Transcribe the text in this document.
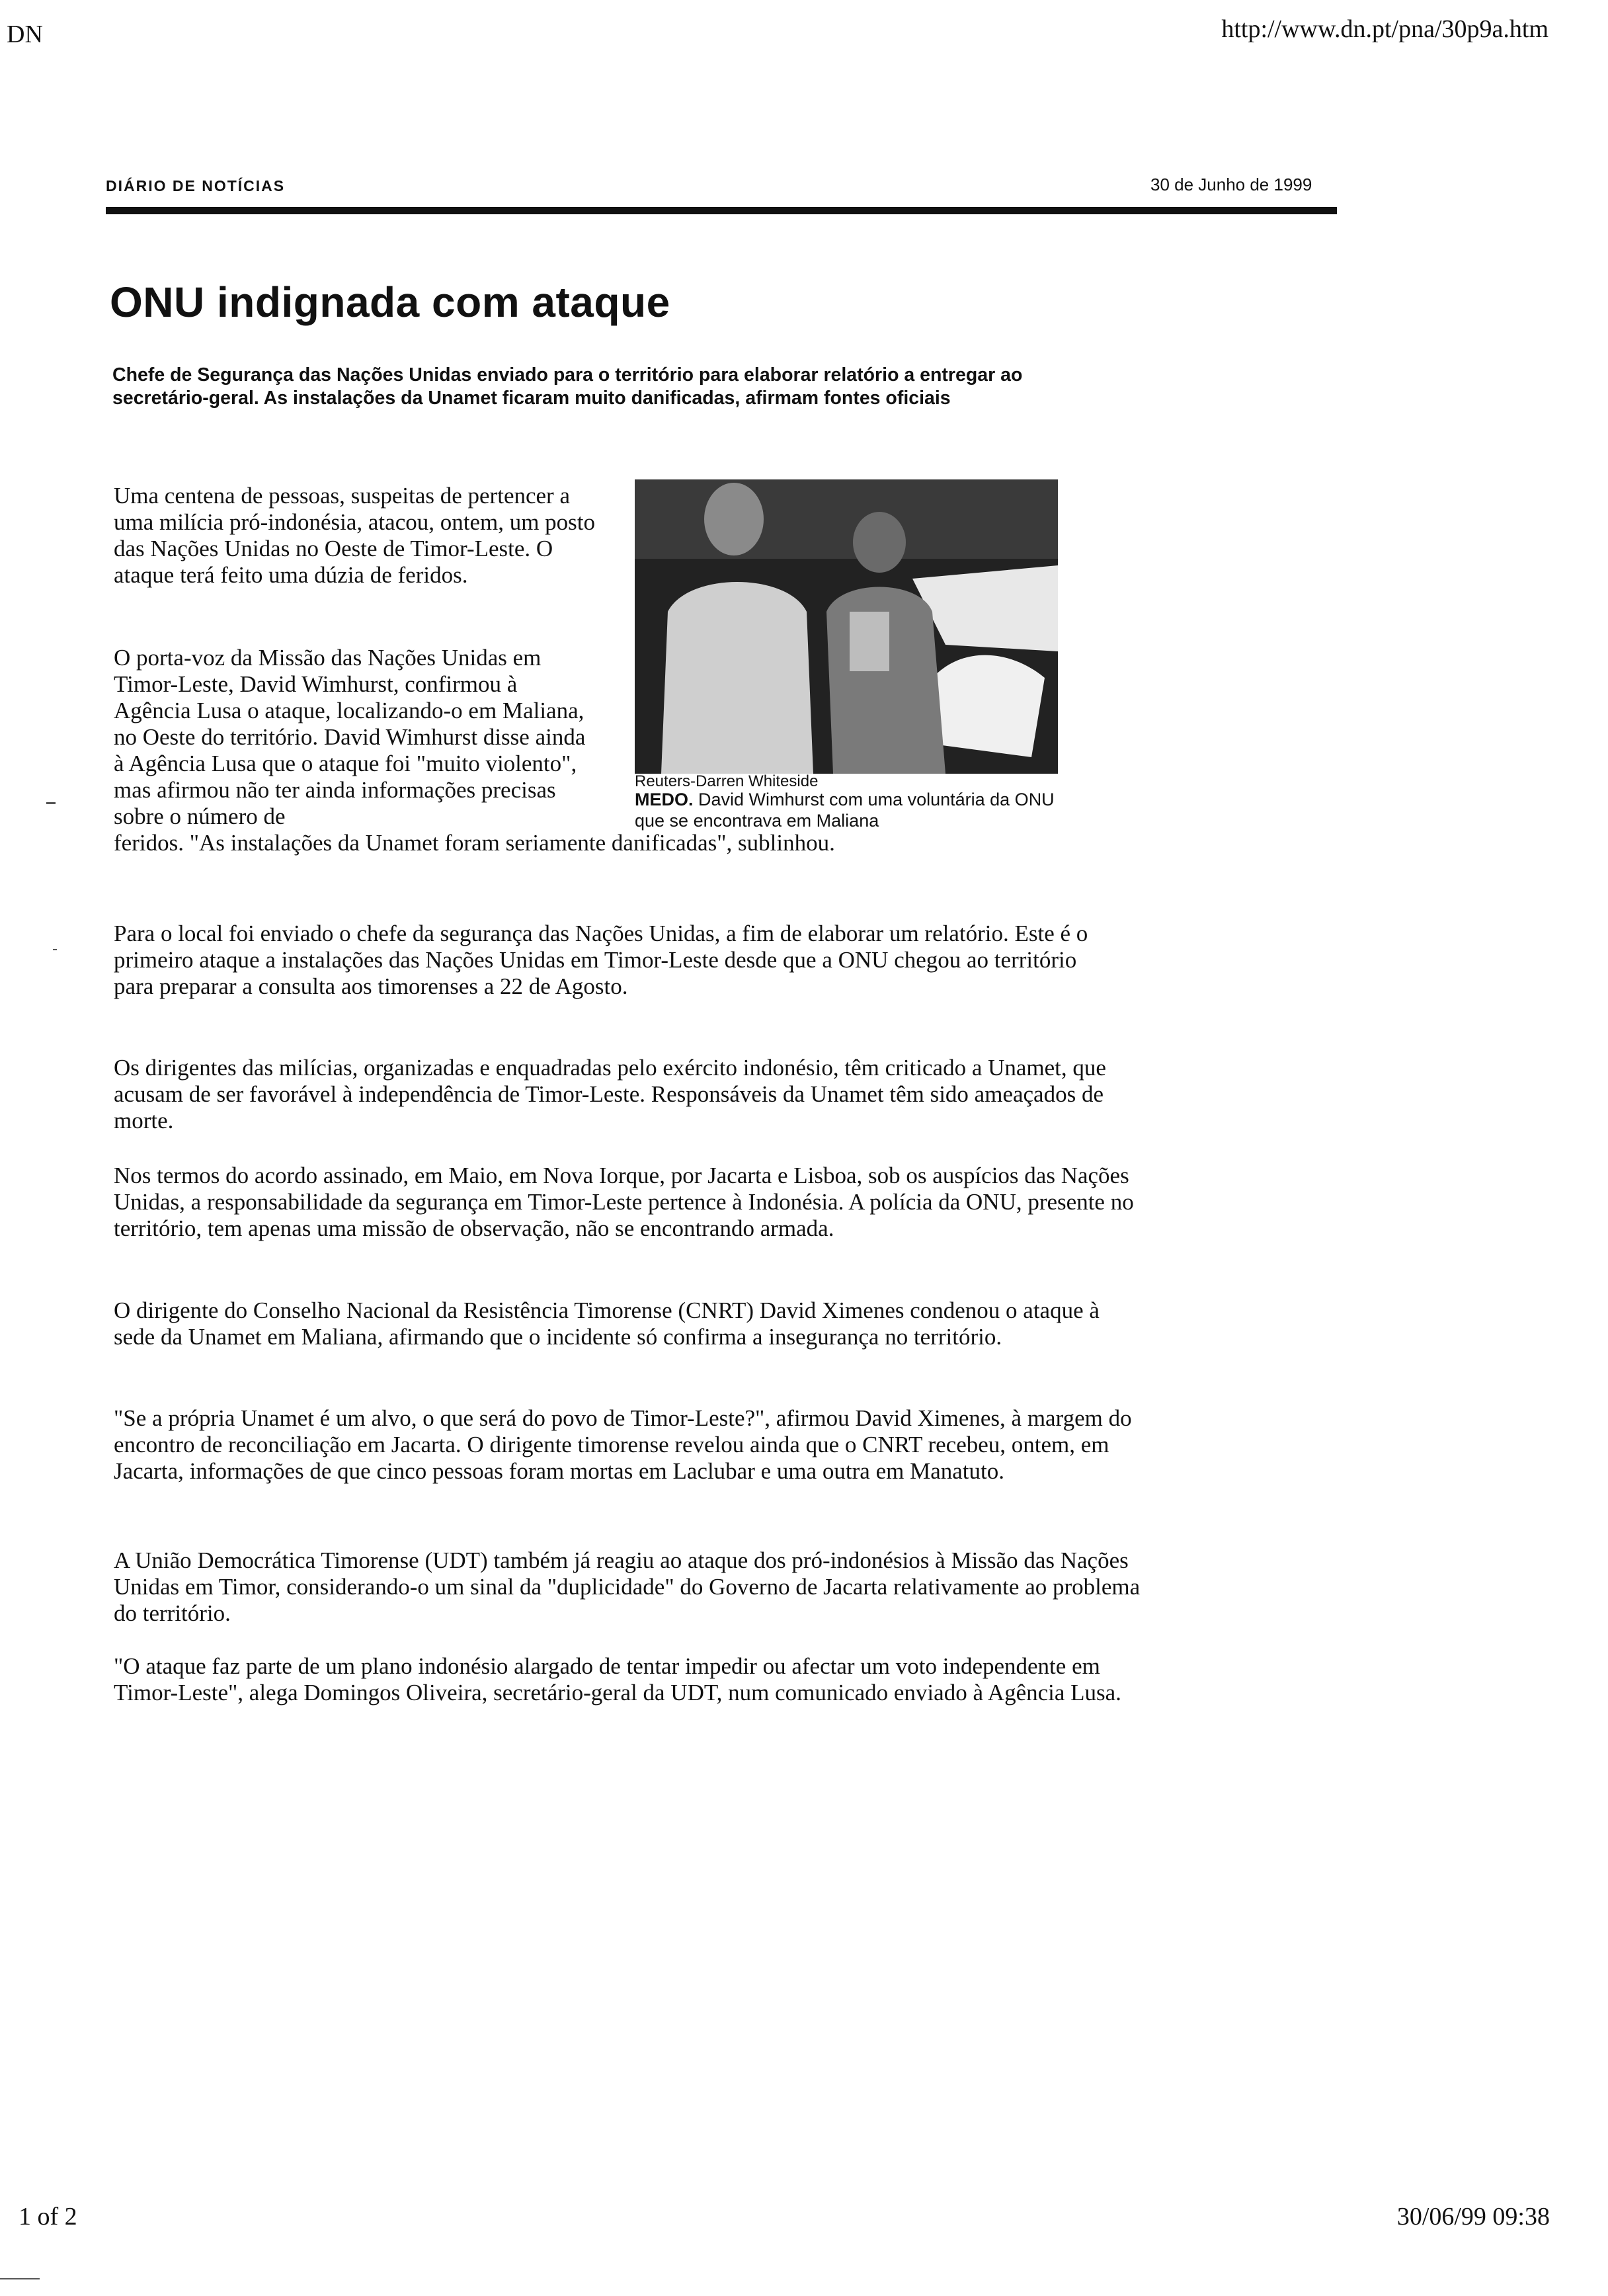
DN	http://www.dn.pt/pna/30p9a.htm
DIÁRIO DE NOTÍCIAS	30 de Junho de 1999
ONU indignada com ataque
Chefe de Segurança das Nações Unidas enviado para o território para elaborar relatório a entregar ao secretário-geral. As instalações da Unamet ficaram muito danificadas, afirmam fontes oficiais
Reuters-Darren Whiteside
MEDO. David Wimhurst com uma voluntária da ONU que se encontrava em Maliana

Uma centena de pessoas, suspeitas de pertencer a uma milícia pró-indonésia, atacou, ontem, um posto das Nações Unidas no Oeste de Timor-Leste. O ataque terá feito uma dúzia de feridos.

O porta-voz da Missão das Nações Unidas em Timor-Leste, David Wimhurst, confirmou à Agência Lusa o ataque, localizando-o em Maliana, no Oeste do território. David Wimhurst disse ainda à Agência Lusa que o ataque foi "muito violento", mas afirmou não ter ainda informações precisas sobre o número de
feridos. "As instalações da Unamet foram seriamente danificadas", sublinhou.

Para o local foi enviado o chefe da segurança das Nações Unidas, a fim de elaborar um relatório. Este é o primeiro ataque a instalações das Nações Unidas em Timor-Leste desde que a ONU chegou ao território para preparar a consulta aos timorenses a 22 de Agosto.

Os dirigentes das milícias, organizadas e enquadradas pelo exército indonésio, têm criticado a Unamet, que acusam de ser favorável à independência de Timor-Leste. Responsáveis da Unamet têm sido ameaçados de morte.

Nos termos do acordo assinado, em Maio, em Nova Iorque, por Jacarta e Lisboa, sob os auspícios das Nações Unidas, a responsabilidade da segurança em Timor-Leste pertence à Indonésia. A polícia da ONU, presente no território, tem apenas uma missão de observação, não se encontrando armada.

O dirigente do Conselho Nacional da Resistência Timorense (CNRT) David Ximenes condenou o ataque à sede da Unamet em Maliana, afirmando que o incidente só confirma a insegurança no território.

"Se a própria Unamet é um alvo, o que será do povo de Timor-Leste?", afirmou David Ximenes, à margem do encontro de reconciliação em Jacarta. O dirigente timorense revelou ainda que o CNRT recebeu, ontem, em Jacarta, informações de que cinco pessoas foram mortas em Laclubar e uma outra em Manatuto.

A União Democrática Timorense (UDT) também já reagiu ao ataque dos pró-indonésios à Missão das Nações Unidas em Timor, considerando-o um sinal da "duplicidade" do Governo de Jacarta relativamente ao problema do território.

"O ataque faz parte de um plano indonésio alargado de tentar impedir ou afectar um voto independente em Timor-Leste", alega Domingos Oliveira, secretário-geral da UDT, num comunicado enviado à Agência Lusa.

1 of 2	30/06/99 09:38
